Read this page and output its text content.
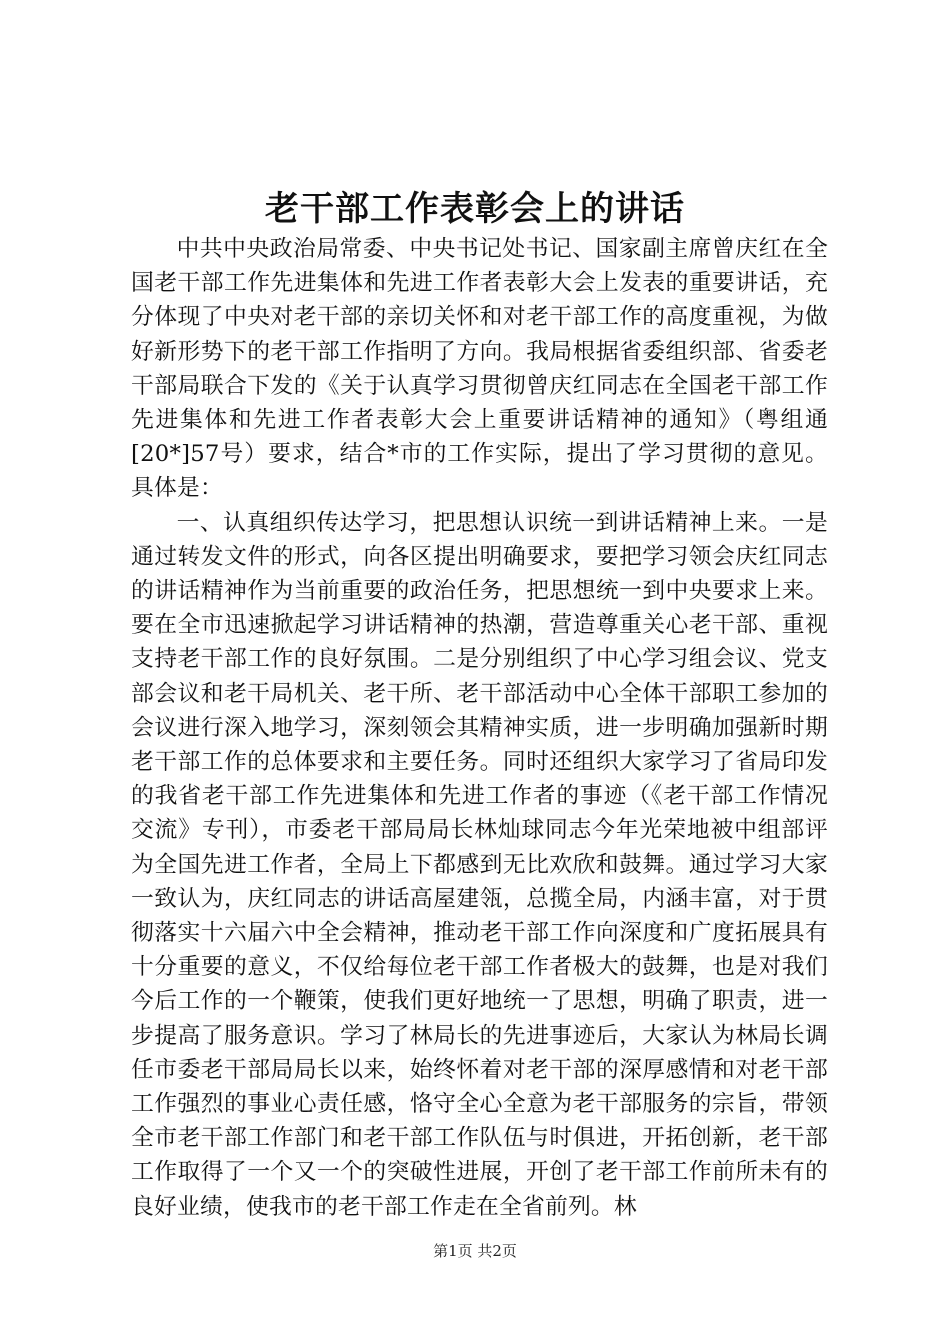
老干部工作表彰会上的讲话

中共中央政治局常委、中央书记处书记、国家副主席曾庆红在全国老干部工作先进集体和先进工作者表彰大会上发表的重要讲话，充分体现了中央对老干部的亲切关怀和对老干部工作的高度重视，为做好新形势下的老干部工作指明了方向。我局根据省委组织部、省委老干部局联合下发的《关于认真学习贯彻曾庆红同志在全国老干部工作先进集体和先进工作者表彰大会上重要讲话精神的通知》（粤组通[20*]57号）要求，结合*市的工作实际，提出了学习贯彻的意见。具体是：

一、认真组织传达学习，把思想认识统一到讲话精神上来。一是通过转发文件的形式，向各区提出明确要求，要把学习领会庆红同志的讲话精神作为当前重要的政治任务，把思想统一到中央要求上来。要在全市迅速掀起学习讲话精神的热潮，营造尊重关心老干部、重视支持老干部工作的良好氛围。二是分别组织了中心学习组会议、党支部会议和老干局机关、老干所、老干部活动中心全体干部职工参加的会议进行深入地学习，深刻领会其精神实质，进一步明确加强新时期老干部工作的总体要求和主要任务。同时还组织大家学习了省局印发的我省老干部工作先进集体和先进工作者的事迹（《老干部工作情况交流》专刊），市委老干部局局长林灿球同志今年光荣地被中组部评为全国先进工作者，全局上下都感到无比欢欣和鼓舞。通过学习大家一致认为，庆红同志的讲话高屋建瓴，总揽全局，内涵丰富，对于贯彻落实十六届六中全会精神，推动老干部工作向深度和广度拓展具有十分重要的意义，不仅给每位老干部工作者极大的鼓舞，也是对我们今后工作的一个鞭策，使我们更好地统一了思想，明确了职责，进一步提高了服务意识。学习了林局长的先进事迹后，大家认为林局长调任市委老干部局局长以来，始终怀着对老干部的深厚感情和对老干部工作强烈的事业心责任感，恪守全心全意为老干部服务的宗旨，带领全市老干部工作部门和老干部工作队伍与时俱进，开拓创新，老干部工作取得了一个又一个的突破性进展，开创了老干部工作前所未有的良好业绩，使我市的老干部工作走在全省前列。林

第1页 共2页
